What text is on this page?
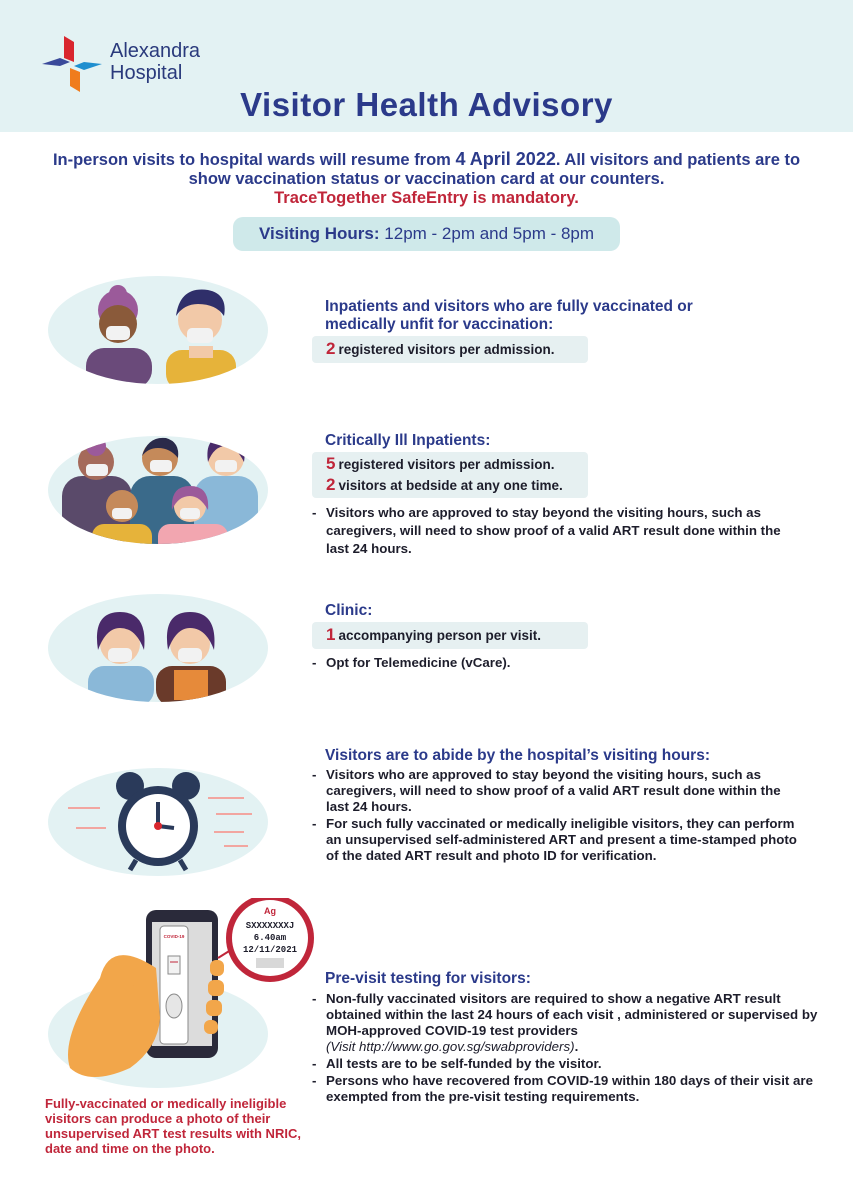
Alexandra
Hospital
Visitor Health Advisory
In-person visits to hospital wards will resume from 4 April 2022. All visitors and patients are to show vaccination status or vaccination card at our counters.
TraceTogether SafeEntry is mandatory.
Visiting Hours: 12pm - 2pm and 5pm - 8pm
Inpatients and visitors who are fully vaccinated or
medically unfit for vaccination:
2 registered visitors per admission.
Critically Ill Inpatients:
5 registered visitors per admission.
2 visitors at bedside at any one time.
- Visitors who are approved to stay beyond the visiting hours, such as caregivers, will need to show proof of a valid ART result done within the last 24 hours.
Clinic:
1 accompanying person per visit.
- Opt for Telemedicine (vCare).
Visitors are to abide by the hospital’s visiting hours:
- Visitors who are approved to stay beyond the visiting hours, such as caregivers, will need to show proof of a valid ART result done within the last 24 hours.
- For such fully vaccinated or medically ineligible visitors, they can perform an unsupervised self-administered ART and present a time-stamped photo of the dated ART result and photo ID for verification.
COVID-19
Ag
SXXXXXXXJ
6.40am
12/11/2021
Pre-visit testing for visitors:
- Non-fully vaccinated visitors are required to show a negative ART result obtained within the last 24 hours of each visit , administered or supervised by MOH-approved COVID-19 test providers
(Visit http://www.go.gov.sg/swabproviders).
- All tests are to be self-funded by the visitor.
- Persons who have recovered from COVID-19 within 180 days of their visit are exempted from the pre-visit testing requirements.
Fully-vaccinated or medically ineligible visitors can produce a photo of their unsupervised ART test results with NRIC, date and time on the photo.
